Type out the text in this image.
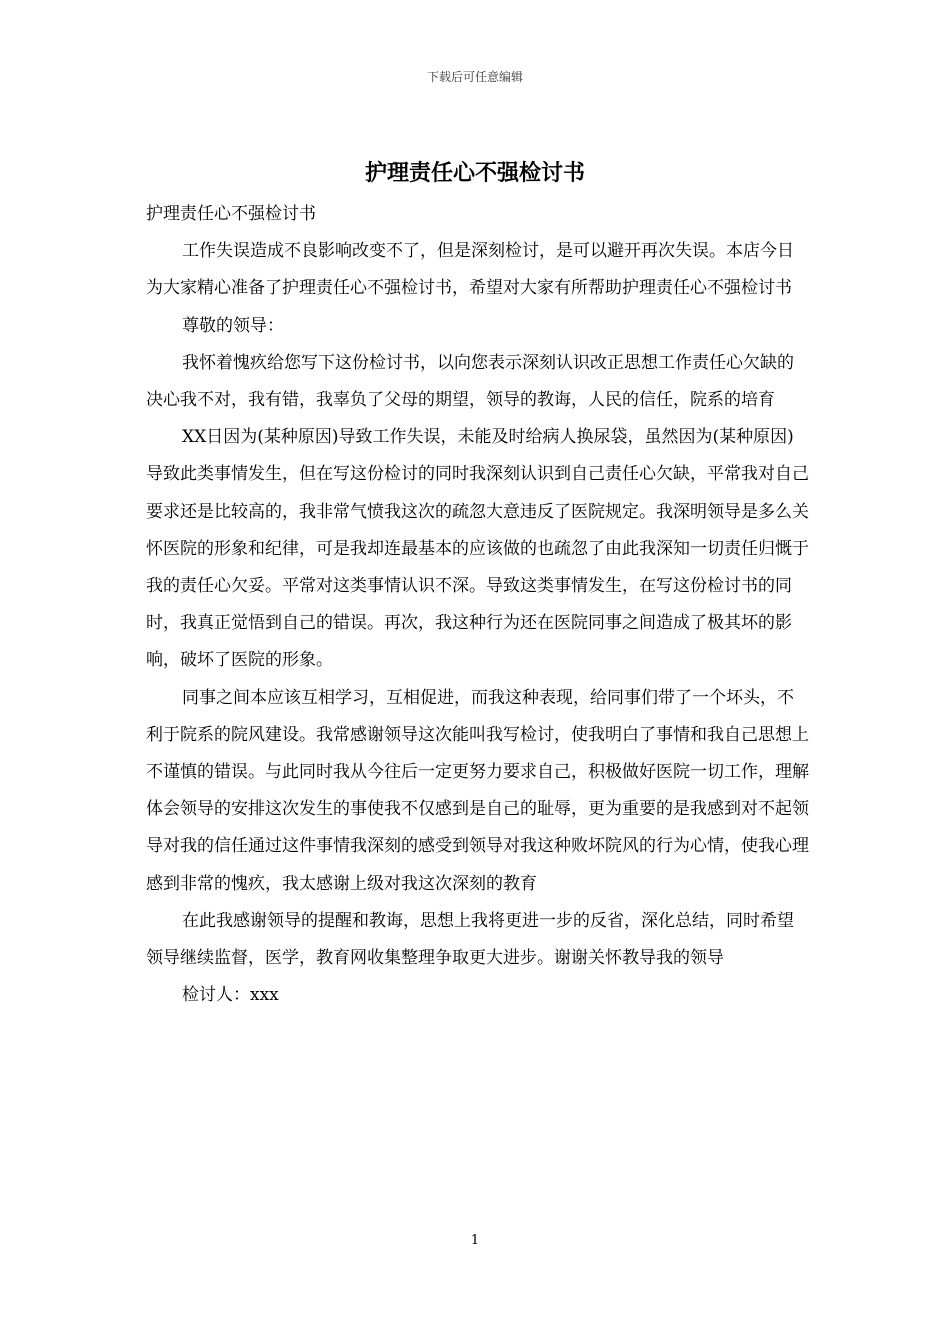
下载后可任意编辑
护理责任心不强检讨书

护理责任心不强检讨书

工作失误造成不良影响改变不了，但是深刻检讨，是可以避开再次失误。本店今日为大家精心准备了护理责任心不强检讨书，希望对大家有所帮助护理责任心不强检讨书

尊敬的领导：

我怀着愧疚给您写下这份检讨书，以向您表示深刻认识改正思想工作责任心欠缺的决心我不对，我有错，我辜负了父母的期望，领导的教诲，人民的信任，院系的培育

XX日因为(某种原因)导致工作失误，未能及时给病人换尿袋，虽然因为(某种原因)导致此类事情发生，但在写这份检讨的同时我深刻认识到自己责任心欠缺，平常我对自己要求还是比较高的，我非常气愤我这次的疏忽大意违反了医院规定。我深明领导是多么关怀医院的形象和纪律，可是我却连最基本的应该做的也疏忽了由此我深知一切责任归慨于我的责任心欠妥。平常对这类事情认识不深。导致这类事情发生，在写这份检讨书的同时，我真正觉悟到自己的错误。再次，我这种行为还在医院同事之间造成了极其坏的影响，破坏了医院的形象。

同事之间本应该互相学习，互相促进，而我这种表现，给同事们带了一个坏头，不利于院系的院风建设。我常感谢领导这次能叫我写检讨，使我明白了事情和我自己思想上不谨慎的错误。与此同时我从今往后一定更努力要求自己，积极做好医院一切工作，理解体会领导的安排这次发生的事使我不仅感到是自己的耻辱，更为重要的是我感到对不起领导对我的信任通过这件事情我深刻的感受到领导对我这种败坏院风的行为心情，使我心理感到非常的愧疚，我太感谢上级对我这次深刻的教育

在此我感谢领导的提醒和教诲，思想上我将更进一步的反省，深化总结，同时希望领导继续监督，医学，教育网收集整理争取更大进步。谢谢关怀教导我的领导

检讨人：xxx

1
